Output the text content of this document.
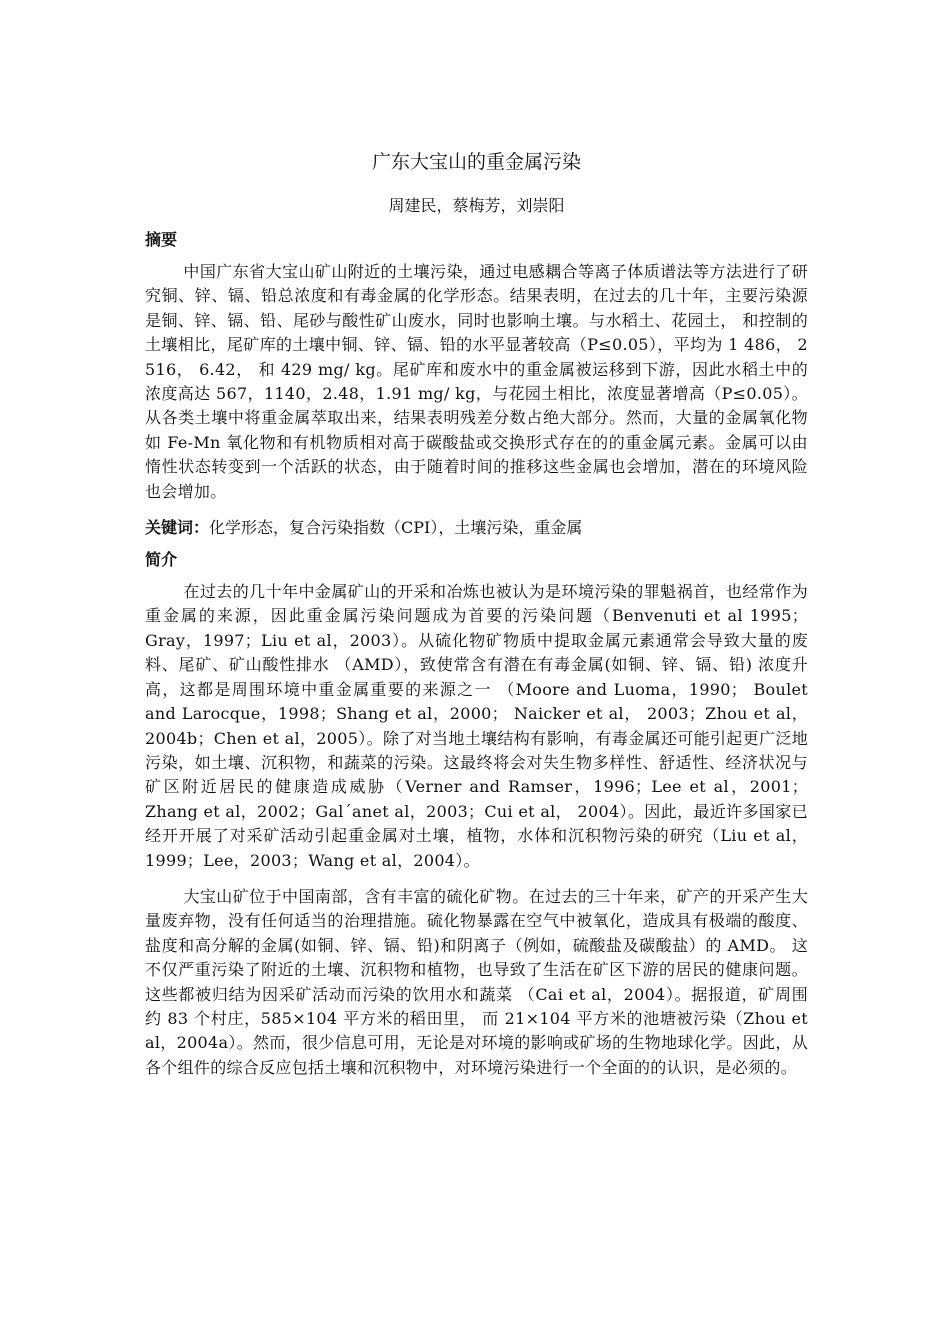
广东大宝山的重金属污染

周建民，蔡梅芳，刘崇阳

摘要

中国广东省大宝山矿山附近的土壤污染，通过电感耦合等离子体质谱法等方法进行了研究铜、锌、镉、铅总浓度和有毒金属的化学形态。结果表明，在过去的几十年，主要污染源是铜、锌、镉、铅、尾砂与酸性矿山废水，同时也影响土壤。与水稻土、花园土， 和控制的土壤相比，尾矿库的土壤中铜、锌、镉、铅的水平显著较高（P≤0.05），平均为 1 486， 2 516， 6.42， 和 429 mg/ kg。尾矿库和废水中的重金属被运移到下游，因此水稻土中的浓度高达 567，1140，2.48，1.91 mg/ kg，与花园土相比，浓度显著增高（P≤0.05）。从各类土壤中将重金属萃取出来，结果表明残差分数占绝大部分。然而，大量的金属氧化物如 Fe-Mn 氧化物和有机物质相对高于碳酸盐或交换形式存在的的重金属元素。金属可以由惰性状态转变到一个活跃的状态，由于随着时间的推移这些金属也会增加，潜在的环境风险也会增加。

关键词：化学形态，复合污染指数（CPI），土壤污染，重金属

简介

在过去的几十年中金属矿山的开采和冶炼也被认为是环境污染的罪魁祸首，也经常作为重金属的来源，因此重金属污染问题成为首要的污染问题（Benvenuti et al 1995；Gray，1997；Liu et al，2003）。从硫化物矿物质中提取金属元素通常会导致大量的废料、尾矿、矿山酸性排水 （AMD），致使常含有潜在有毒金属(如铜、锌、镉、铅) 浓度升高，这都是周围环境中重金属重要的来源之一 （Moore and Luoma，1990； Boulet and Larocque，1998；Shang et al，2000； Naicker et al， 2003；Zhou et al，2004b；Chen et al，2005）。除了对当地土壤结构有影响，有毒金属还可能引起更广泛地污染，如土壤、沉积物，和蔬菜的污染。这最终将会对失生物多样性、舒适性、经济状况与矿区附近居民的健康造成威胁（Verner and Ramser，1996；Lee et al，2001；Zhang et al，2002；Gal´anet al，2003；Cui et al， 2004）。因此，最近许多国家已经开开展了对采矿活动引起重金属对土壤，植物，水体和沉积物污染的研究（Liu et al，1999；Lee，2003；Wang et al，2004）。

大宝山矿位于中国南部，含有丰富的硫化矿物。在过去的三十年来，矿产的开采产生大量废弃物，没有任何适当的治理措施。硫化物暴露在空气中被氧化，造成具有极端的酸度、盐度和高分解的金属(如铜、锌、镉、铅)和阴离子（例如，硫酸盐及碳酸盐）的 AMD。 这不仅严重污染了附近的土壤、沉积物和植物，也导致了生活在矿区下游的居民的健康问题。这些都被归结为因采矿活动而污染的饮用水和蔬菜 （Cai et al，2004）。据报道，矿周围约 83 个村庄，585×104 平方米的稻田里， 而 21×104 平方米的池塘被污染（Zhou et al，2004a）。然而，很少信息可用，无论是对环境的影响或矿场的生物地球化学。因此，从各个组件的综合反应包括土壤和沉积物中，对环境污染进行一个全面的的认识，是必须的。
